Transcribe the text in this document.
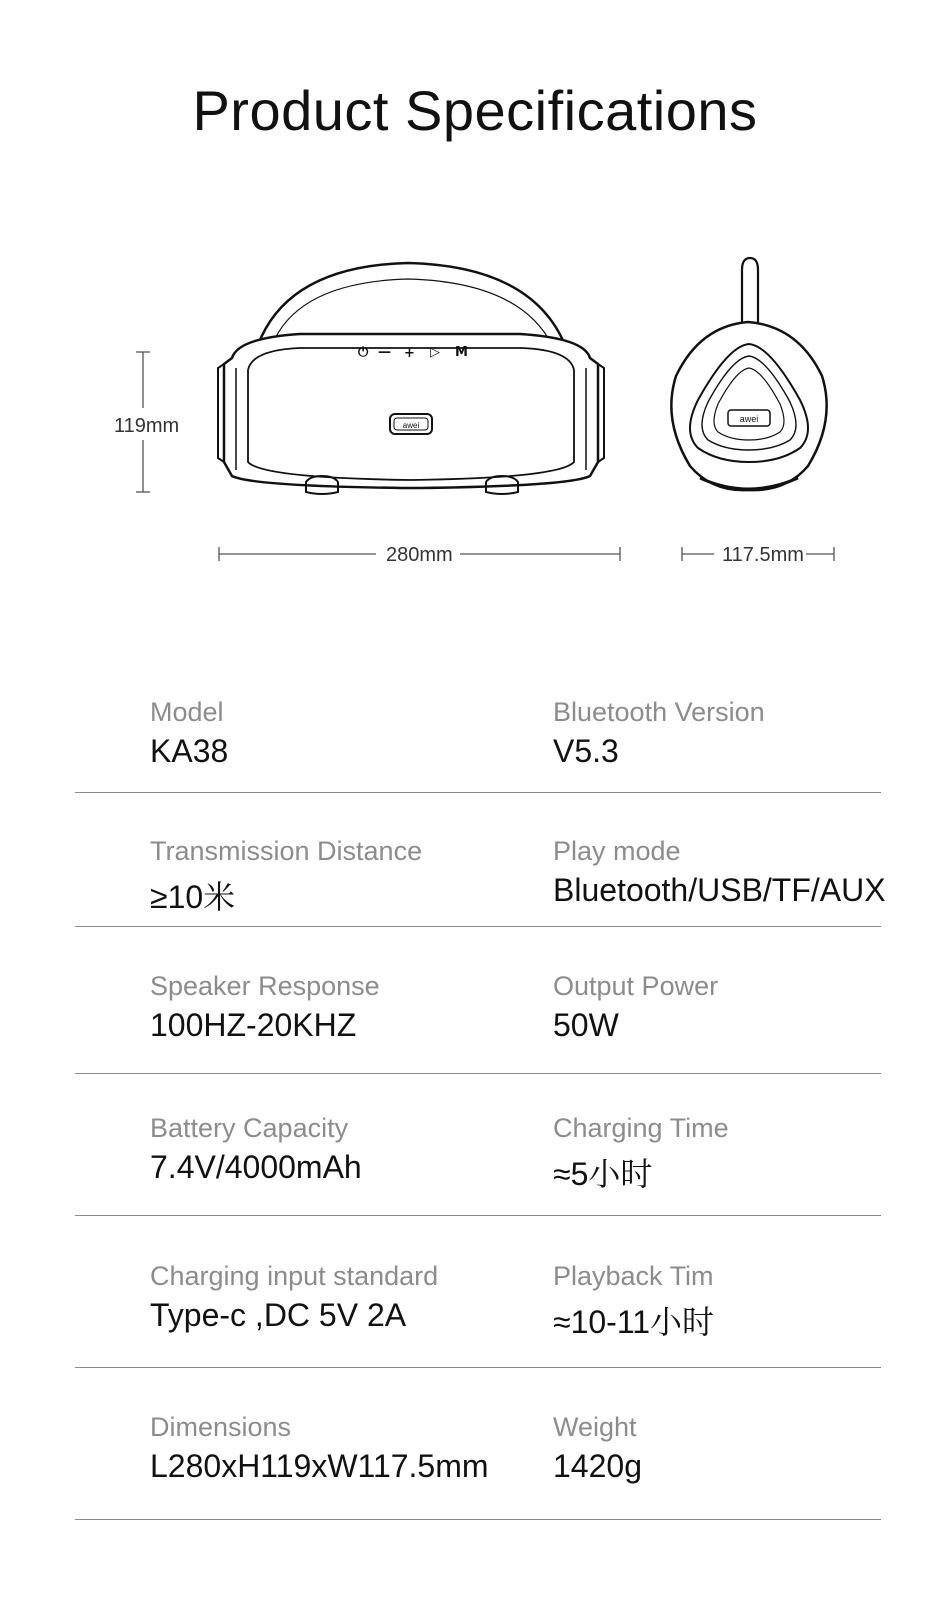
Product Specifications
119mm	awei
⏻ — + ▷ M
awei
280mm	117.5mm
Model
KA38
Bluetooth Version
V5.3
Transmission Distance
≥10米
Play mode
Bluetooth/USB/TF/AUX
Speaker Response
100HZ-20KHZ
Output Power
50W
Battery Capacity
7.4V/4000mAh
Charging Time
≈5小时
Charging input standard
Type-c ,DC 5V 2A
Playback Tim
≈10-11小时
Dimensions
L280xH119xW117.5mm
Weight
1420g
